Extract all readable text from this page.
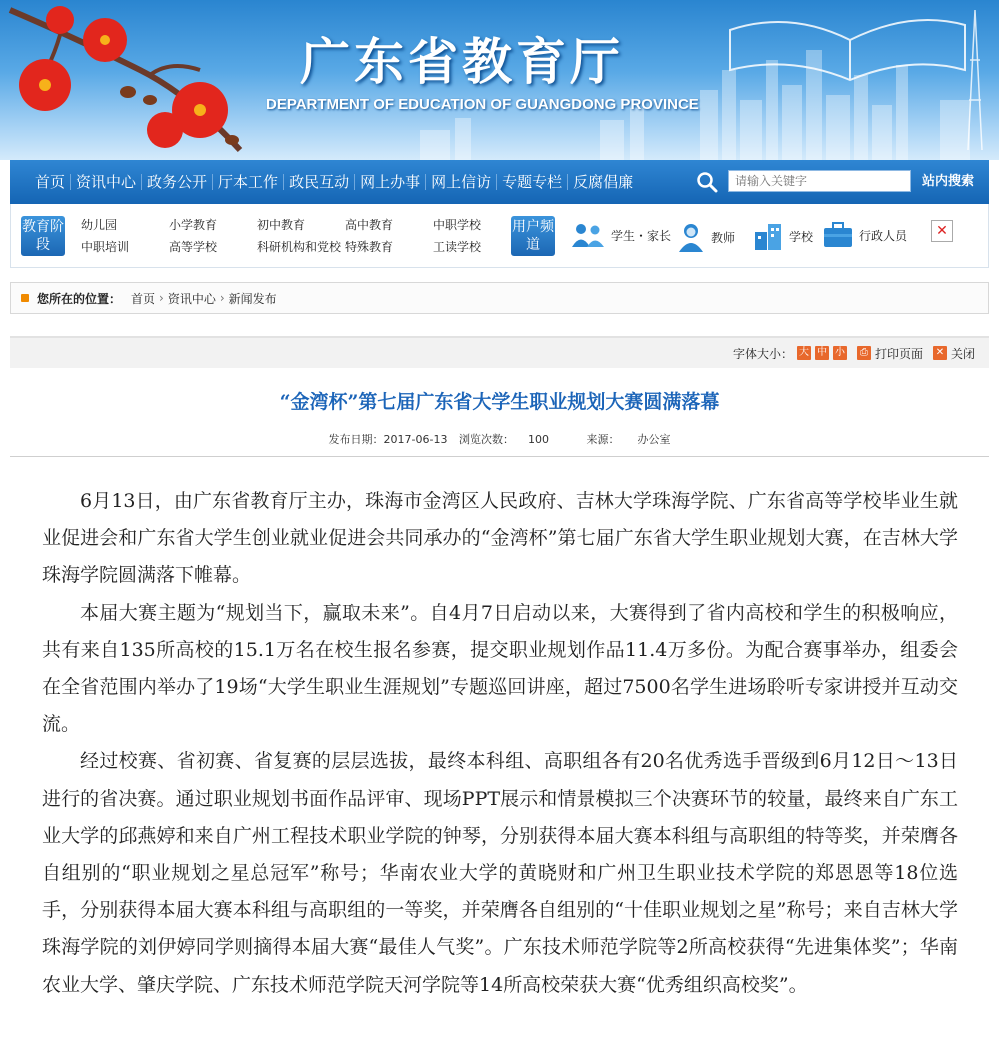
广东省教育厅
DEPARTMENT OF EDUCATION OF GUANGDONG PROVINCE
首页 资讯中心 政务公开 厅本工作 政民互动 网上办事 网上信访 专题专栏 反腐倡廉
请输入关键字	站内搜索
教育阶段
幼儿园	小学教育	初中教育	高中教育	中职学校
中职培训	高等学校	科研机构和党校 特殊教育	工读学校
用户频道
学生・家长	教师	学校	行政人员	✕
您所在的位置： 首页 › 资讯中心 › 新闻发布
字体大小： 大 中 小	⎙ 打印页面 ✕ 关闭
“金湾杯”第七届广东省大学生职业规划大赛圆满落幕
发布日期：2017-06-13 浏览次数： 100	来源： 办公室

6月13日，由广东省教育厅主办，珠海市金湾区人民政府、吉林大学珠海学院、广东省高等学校毕业生就业促进会和广东省大学生创业就业促进会共同承办的“金湾杯”第七届广东省大学生职业规划大赛，在吉林大学珠海学院圆满落下帷幕。

本届大赛主题为“规划当下，赢取未来”。自4月7日启动以来，大赛得到了省内高校和学生的积极响应，共有来自135所高校的15.1万名在校生报名参赛，提交职业规划作品11.4万多份。为配合赛事举办，组委会在全省范围内举办了19场“大学生职业生涯规划”专题巡回讲座，超过7500名学生进场聆听专家讲授并互动交流。

经过校赛、省初赛、省复赛的层层选拔，最终本科组、高职组各有20名优秀选手晋级到6月12日～13日进行的省决赛。通过职业规划书面作品评审、现场PPT展示和情景模拟三个决赛环节的较量，最终来自广东工业大学的邱燕婷和来自广州工程技术职业学院的钟琴，分别获得本届大赛本科组与高职组的特等奖，并荣膺各自组别的“职业规划之星总冠军”称号；华南农业大学的黄晓财和广州卫生职业技术学院的郑恩恩等18位选手，分别获得本届大赛本科组与高职组的一等奖，并荣膺各自组别的“十佳职业规划之星”称号；来自吉林大学珠海学院的刘伊婷同学则摘得本届大赛“最佳人气奖”。广东技术师范学院等2所高校获得“先进集体奖”；华南农业大学、肇庆学院、广东技术师范学院天河学院等14所高校荣获大赛“优秀组织高校奖”。
